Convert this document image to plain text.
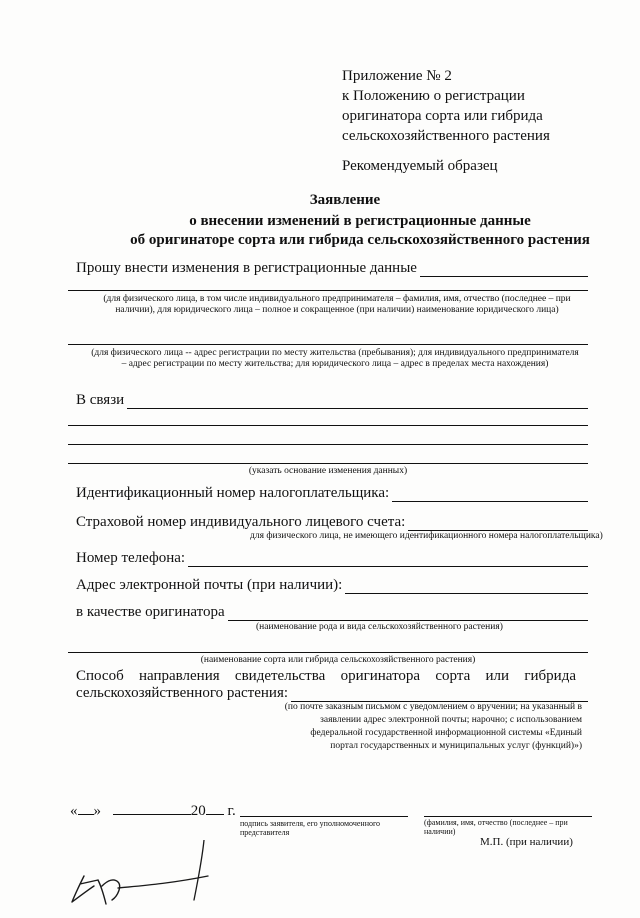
Приложение № 2
к Положению о регистрации
оригинатора сорта или гибрида
сельскохозяйственного растения
Рекомендуемый образец
Заявление
о внесении изменений в регистрационные данные
об оригинаторе сорта или гибрида сельскохозяйственного растения
Прошу внести изменения в регистрационные данные
(для физического лица, в том числе индивидуального предпринимателя – фамилия, имя, отчество (последнее – при наличии), для юридического лица – полное и сокращенное (при наличии) наименование юридического лица)
(для физического лица -- адрес регистрации по месту жительства (пребывания); для индивидуального предпринимателя – адрес регистрации по месту жительства; для юридического лица – адрес в пределах места нахождения)
В связи
(указать основание изменения данных)
Идентификационный номер налогоплательщика:
Страховой номер индивидуального лицевого счета:
для физического лица, не имеющего идентификационного номера налогоплательщика)
Номер телефона:
Адрес электронной почты (при наличии):
в качестве оригинатора
(наименование рода и вида сельскохозяйственного растения)
(наименование сорта или гибрида сельскохозяйственного растения)
Способ направления свидетельства оригинатора сорта или гибрида
сельскохозяйственного растения:
(по почте заказным письмом с уведомлением о вручении; на указанный в заявлении адрес электронной почты; нарочно; с использованием федеральной государственной информационной системы «Единый портал государственных и муниципальных услуг (функций)»)
« »	20 г.
подпись заявителя, его уполномоченного представителя
(фамилия, имя, отчество (последнее – при наличии)
М.П. (при наличии)
